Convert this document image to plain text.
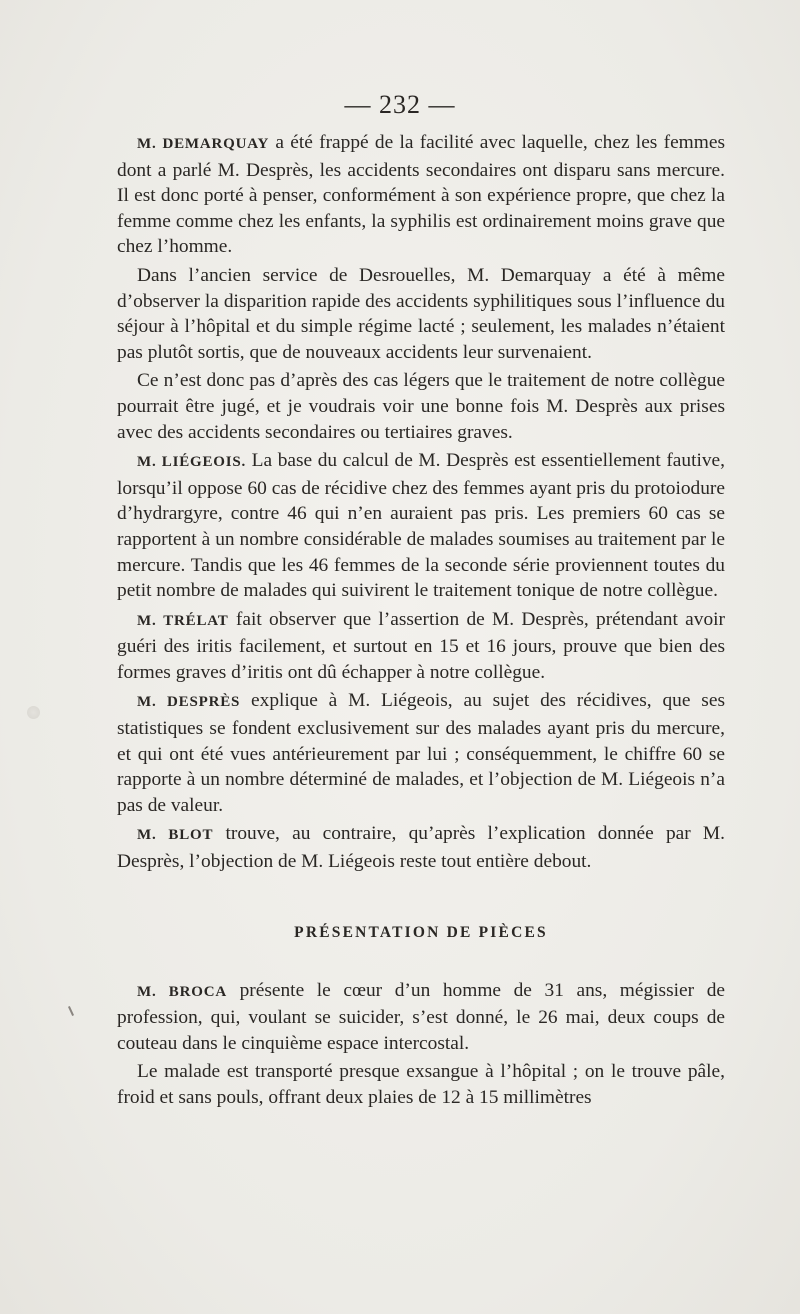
— 232 —

M. DEMARQUAY a été frappé de la facilité avec laquelle, chez les femmes dont a parlé M. Desprès, les accidents secondaires ont disparu sans mercure. Il est donc porté à penser, conformément à son expérience propre, que chez la femme comme chez les enfants, la syphilis est ordinairement moins grave que chez l’homme.

Dans l’ancien service de Desrouelles, M. Demarquay a été à même d’observer la disparition rapide des accidents syphilitiques sous l’influence du séjour à l’hôpital et du simple régime lacté ; seulement, les malades n’étaient pas plutôt sortis, que de nouveaux accidents leur survenaient.

Ce n’est donc pas d’après des cas légers que le traitement de notre collègue pourrait être jugé, et je voudrais voir une bonne fois M. Desprès aux prises avec des accidents secondaires ou tertiaires graves.

M. LIÉGEOIS. La base du calcul de M. Desprès est essentiellement fautive, lorsqu’il oppose 60 cas de récidive chez des femmes ayant pris du protoiodure d’hydrargyre, contre 46 qui n’en auraient pas pris. Les premiers 60 cas se rapportent à un nombre considérable de malades soumises au traitement par le mercure. Tandis que les 46 femmes de la seconde série proviennent toutes du petit nombre de malades qui suivirent le traitement tonique de notre collègue.

M. TRÉLAT fait observer que l’assertion de M. Desprès, prétendant avoir guéri des iritis facilement, et surtout en 15 et 16 jours, prouve que bien des formes graves d’iritis ont dû échapper à notre collègue.

M. DESPRÈS explique à M. Liégeois, au sujet des récidives, que ses statistiques se fondent exclusivement sur des malades ayant pris du mercure, et qui ont été vues antérieurement par lui ; conséquemment, le chiffre 60 se rapporte à un nombre déterminé de malades, et l’objection de M. Liégeois n’a pas de valeur.

M. BLOT trouve, au contraire, qu’après l’explication donnée par M. Desprès, l’objection de M. Liégeois reste tout entière debout.

PRÉSENTATION DE PIÈCES

M. BROCA présente le cœur d’un homme de 31 ans, mégissier de profession, qui, voulant se suicider, s’est donné, le 26 mai, deux coups de couteau dans le cinquième espace intercostal.

Le malade est transporté presque exsangue à l’hôpital ; on le trouve pâle, froid et sans pouls, offrant deux plaies de 12 à 15 millimètres
